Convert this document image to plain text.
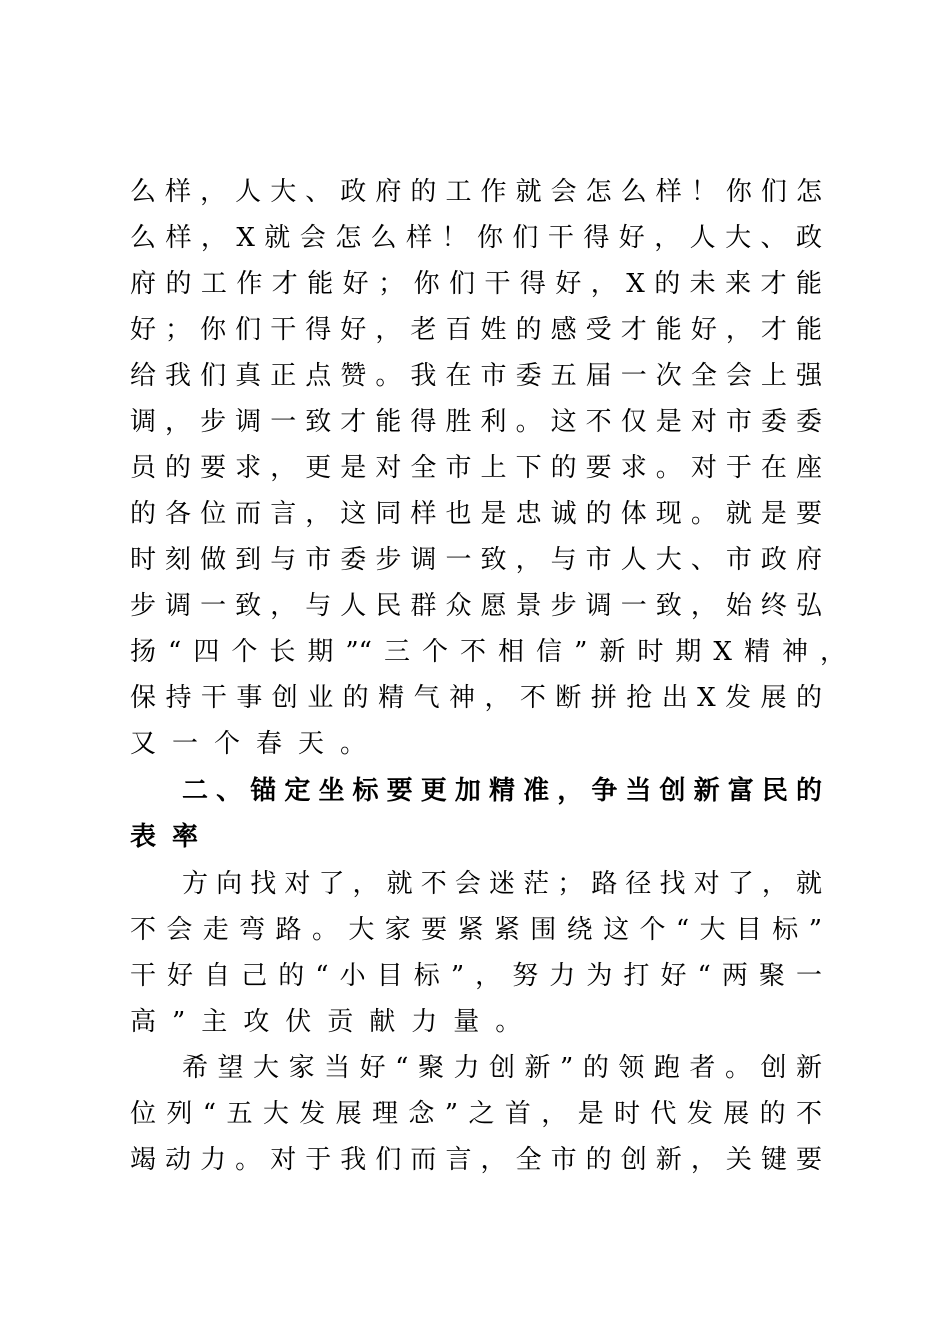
么样，人大、政府的工作就会怎么样！你们怎
么样，X就会怎么样！你们干得好，人大、政
府的工作才能好；你们干得好，X的未来才能
好；你们干得好，老百姓的感受才能好，才能
给我们真正点赞。我在市委五届一次全会上强
调，步调一致才能得胜利。这不仅是对市委委
员的要求，更是对全市上下的要求。对于在座
的各位而言，这同样也是忠诚的体现。就是要
时刻做到与市委步调一致，与市人大、市政府
步调一致，与人民群众愿景步调一致，始终弘
扬“四个长期”“三个不相信”新时期X精神，
保持干事创业的精气神，不断拼抢出X发展的
又一个春天。
二、锚定坐标要更加精准，争当创新富民的
表率
方向找对了，就不会迷茫；路径找对了，就
不会走弯路。大家要紧紧围绕这个“大目标”
干好自己的“小目标”，努力为打好“两聚一
高”主攻伏贡献力量。
希望大家当好“聚力创新”的领跑者。创新
位列“五大发展理念”之首，是时代发展的不
竭动力。对于我们而言，全市的创新，关键要
